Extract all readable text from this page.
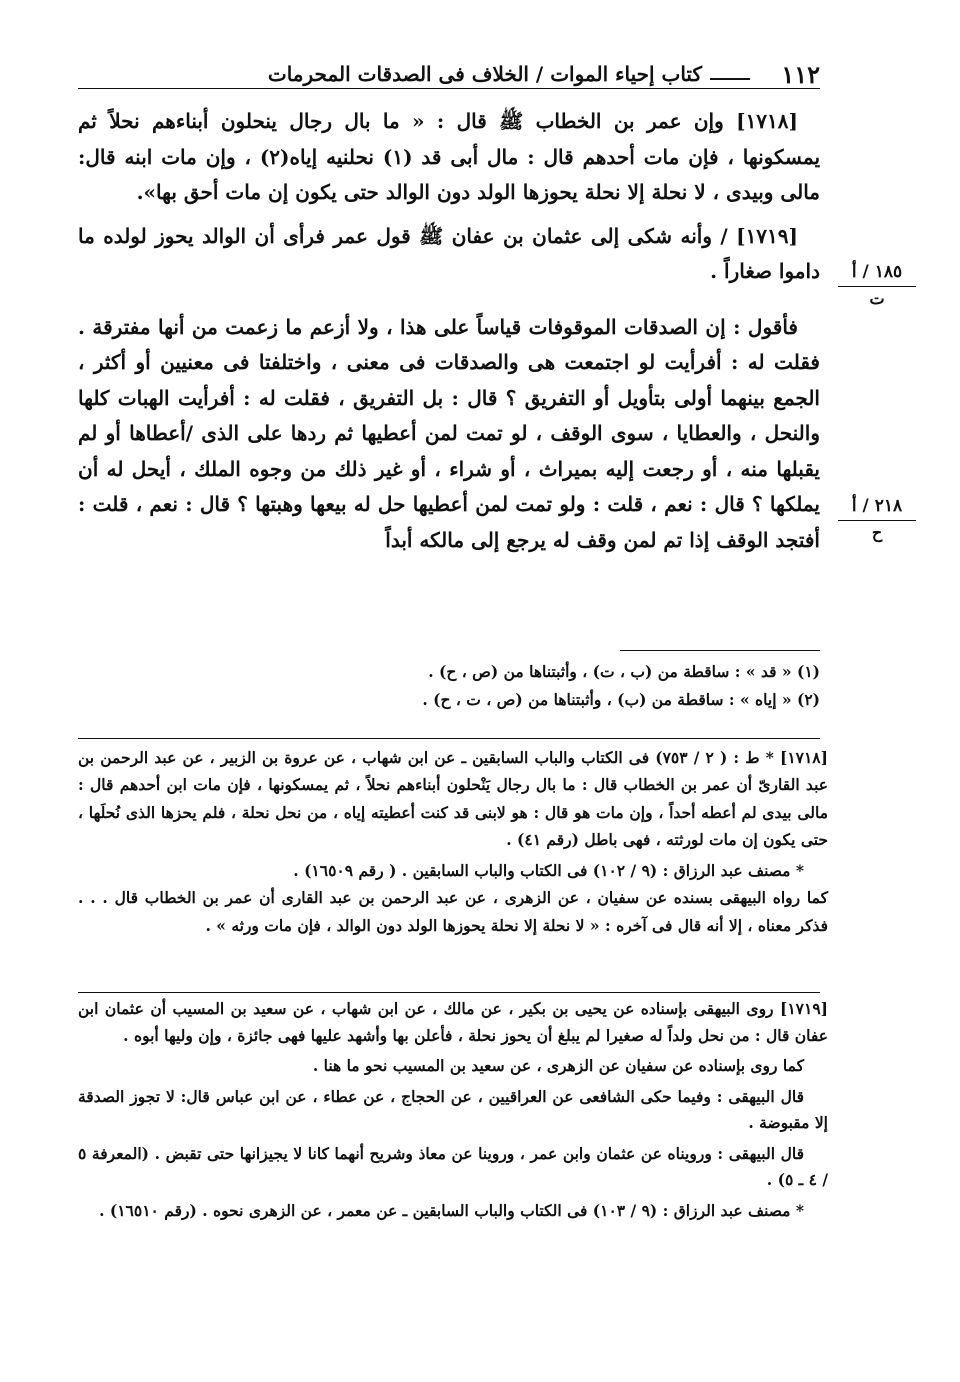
١١٢
كتاب إحياء الموات / الخلاف فى الصدقات المحرمات
١٨٥ / أ
ت
٢١٨ / أ
ح

[١٧١٨] وإن عمر بن الخطاب ﷺ قال : « ما بال رجال ينحلون أبناءهم نحلاً ثم يمسكونها ، فإن مات أحدهم قال : مال أبى قد (١) نحلنيه إياه(٢) ، وإن مات ابنه قال: مالى وبيدى ، لا نحلة إلا نحلة يحوزها الولد دون الوالد حتى يكون إن مات أحق بها».

[١٧١٩] / وأنه شكى إلى عثمان بن عفان ﷺ قول عمر فرأى أن الوالد يحوز لولده ما داموا صغاراً .

فأقول : إن الصدقات الموقوفات قياساً على هذا ، ولا أزعم ما زعمت من أنها مفترقة . فقلت له : أفرأيت لو اجتمعت هى والصدقات فى معنى ، واختلفتا فى معنيين أو أكثر ، الجمع بينهما أولى بتأويل أو التفريق ؟ قال : بل التفريق ، فقلت له : أفرأيت الهبات كلها والنحل ، والعطايا ، سوى الوقف ، لو تمت لمن أعطيها ثم ردها على الذى /أعطاها أو لم يقبلها منه ، أو رجعت إليه بميراث ، أو شراء ، أو غير ذلك من وجوه الملك ، أيحل له أن يملكها ؟ قال : نعم ، قلت : ولو تمت لمن أعطيها حل له بيعها وهبتها ؟ قال : نعم ، قلت : أفتجد الوقف إذا تم لمن وقف له يرجع إلى مالكه أبداً

(١) « قد » : ساقطة من (ب ، ت) ، وأثبتناها من (ص ، ح) .
(٢) « إياه » : ساقطة من (ب) ، وأثبتناها من (ص ، ت ، ح) .

[١٧١٨] * ط : ( ٢ / ٧٥٣) فى الكتاب والباب السابقين ـ عن ابن شهاب ، عن عروة بن الزبير ، عن عبد الرحمن بن عبد القارىّ أن عمر بن الخطاب قال : ما بال رجال يَنْحلون أبناءهم نحلاً ، ثم يمسكونها ، فإن مات ابن أحدهم قال : مالى بيدى لم أعطه أحداً ، وإن مات هو قال : هو لابنى قد كنت أعطيته إياه ، من نحل نحلة ، فلم يحزها الذى نُحلَها ، حتى يكون إن مات لورثته ، فهى باطل (رقم ٤١) .

* مصنف عبد الرزاق : (٩ / ١٠٢) فى الكتاب والباب السابقين . ( رقم ١٦٥٠٩) .

كما رواه البيهقى بسنده عن سفيان ، عن الزهرى ، عن عبد الرحمن بن عبد القارى أن عمر بن الخطاب قال . . . فذكر معناه ، إلا أنه قال فى آخره : « لا نحلة إلا نحلة يحوزها الولد دون الوالد ، فإن مات ورثه » .

[١٧١٩] روى البيهقى بإسناده عن يحيى بن بكير ، عن مالك ، عن ابن شهاب ، عن سعيد بن المسيب أن عثمان ابن عفان قال : من نحل ولداً له صغيرا لم يبلغ أن يحوز نحلة ، فأعلن بها وأشهد عليها فهى جائزة ، وإن وليها أبوه .

كما روى بإسناده عن سفيان عن الزهرى ، عن سعيد بن المسيب نحو ما هنا .

قال البيهقى : وفيما حكى الشافعى عن العراقيين ، عن الحجاج ، عن عطاء ، عن ابن عباس قال: لا تجوز الصدقة إلا مقبوضة .

قال البيهقى : ورويناه عن عثمان وابن عمر ، وروينا عن معاذ وشريح أنهما كانا لا يجيزانها حتى تقبض . (المعرفة ٥ / ٤ ـ ٥) .

* مصنف عبد الرزاق : (٩ / ١٠٣) فى الكتاب والباب السابقين ـ عن معمر ، عن الزهرى نحوه . (رقم ١٦٥١٠) .
